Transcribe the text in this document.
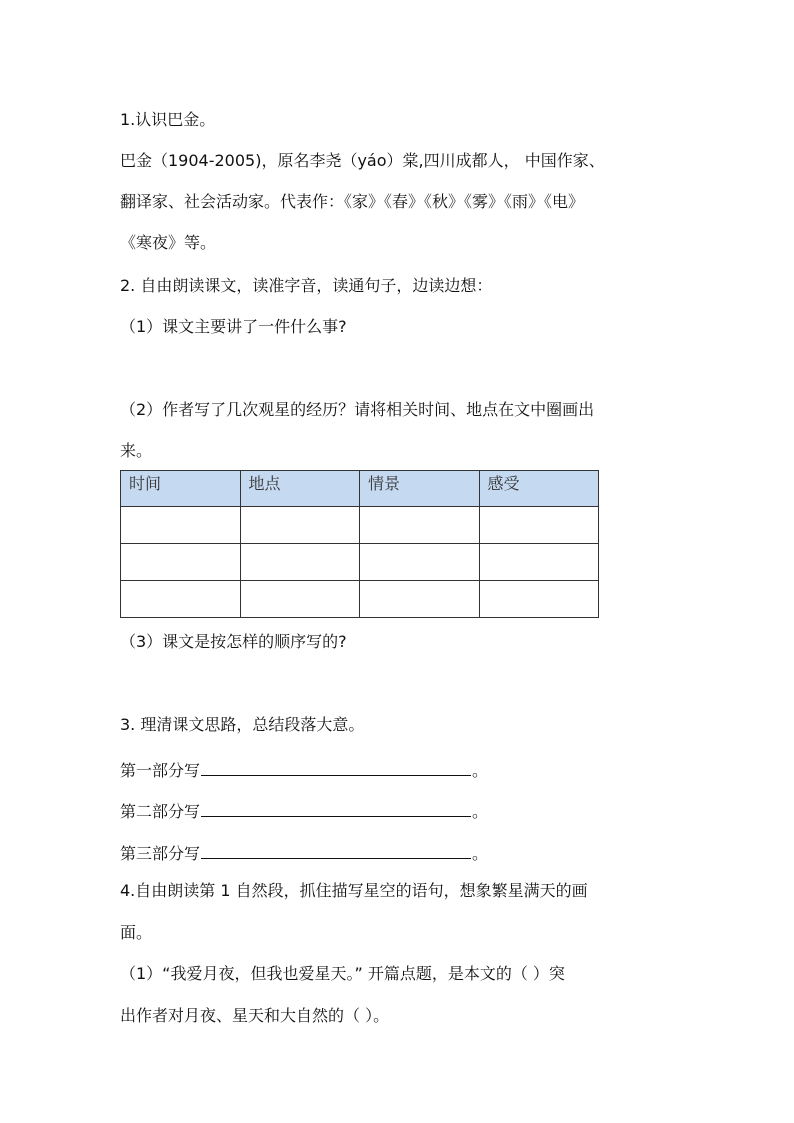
1.认识巴金。
巴金（1904-2005)，原名李尧（yáo）棠,四川成都人， 中国作家、
翻译家、社会活动家。代表作：《家》《春》《秋》《雾》《雨》《电》
《寒夜》等。
2. 自由朗读课文，读准字音，读通句子，边读边想：
（1）课文主要讲了一件什么事?
（2）作者写了几次观星的经历？请将相关时间、地点在文中圈画出
来。
时间	地点	情景	感受

（3）课文是按怎样的顺序写的?
3. 理清课文思路，总结段落大意。
第一部分写	。
第二部分写	。
第三部分写	。
4.自由朗读第 1 自然段，抓住描写星空的语句，想象繁星满天的画
面。
（1）“我爱月夜，但我也爱星天。” 开篇点题，是本文的（ ）突
出作者对月夜、星天和大自然的（ ）。
